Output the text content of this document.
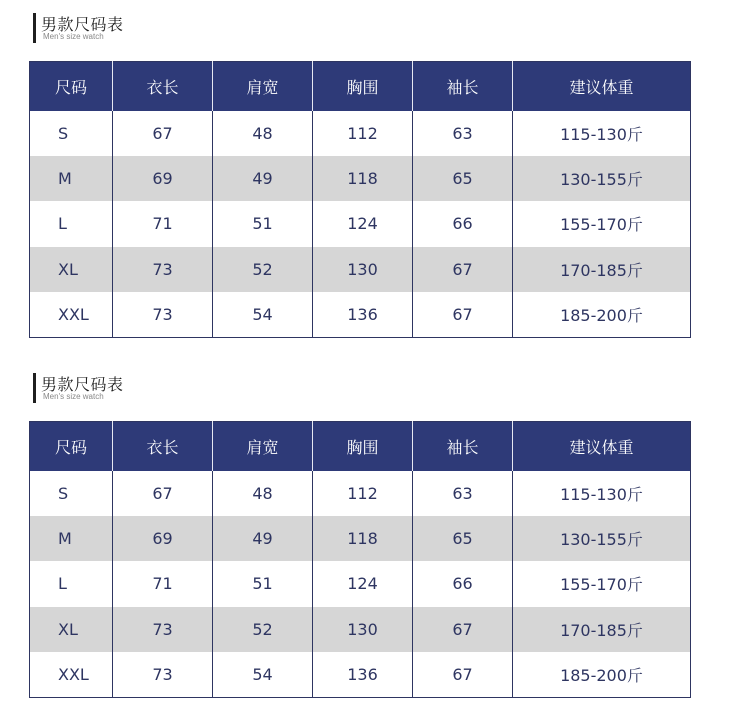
男款尺码表
Men's size watch
尺码	衣长	肩宽	胸围	袖长	建议体重
S	67	48	112	63	115-130斤
M	69	49	118	65	130-155斤
L	71	51	124	66	155-170斤
XL	73	52	130	67	170-185斤
XXL	73	54	136	67	185-200斤
男款尺码表
Men's size watch
尺码	衣长	肩宽	胸围	袖长	建议体重
S	67	48	112	63	115-130斤
M	69	49	118	65	130-155斤
L	71	51	124	66	155-170斤
XL	73	52	130	67	170-185斤
XXL	73	54	136	67	185-200斤
